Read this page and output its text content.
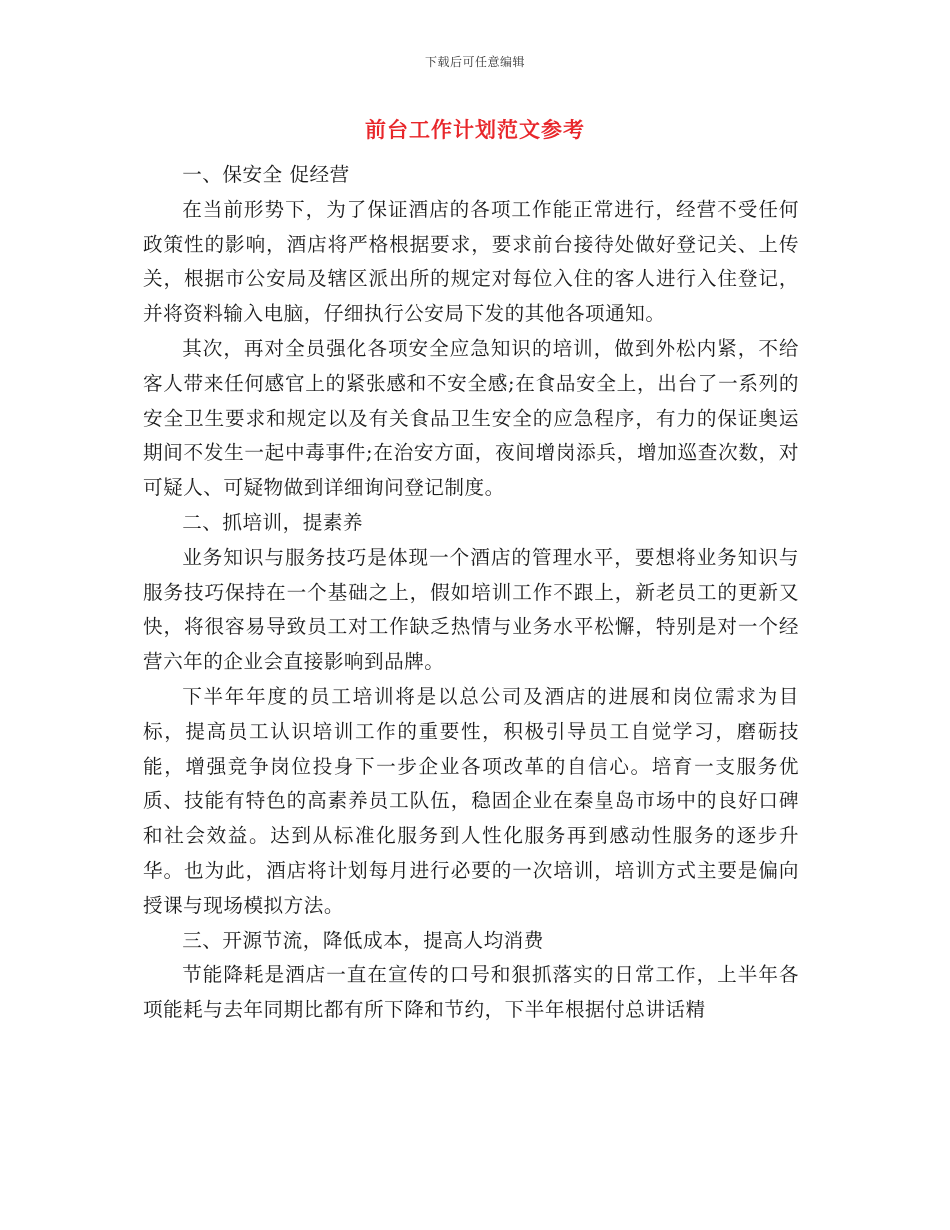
下载后可任意编辑
前台工作计划范文参考

一、保安全 促经营

在当前形势下，为了保证酒店的各项工作能正常进行，经营不受任何政策性的影响，酒店将严格根据要求，要求前台接待处做好登记关、上传关，根据市公安局及辖区派出所的规定对每位入住的客人进行入住登记，并将资料输入电脑，仔细执行公安局下发的其他各项通知。

其次，再对全员强化各项安全应急知识的培训，做到外松内紧，不给客人带来任何感官上的紧张感和不安全感;在食品安全上，出台了一系列的安全卫生要求和规定以及有关食品卫生安全的应急程序，有力的保证奥运期间不发生一起中毒事件;在治安方面，夜间增岗添兵，增加巡查次数，对可疑人、可疑物做到详细询问登记制度。

二、抓培训，提素养

业务知识与服务技巧是体现一个酒店的管理水平，要想将业务知识与服务技巧保持在一个基础之上，假如培训工作不跟上，新老员工的更新又快，将很容易导致员工对工作缺乏热情与业务水平松懈，特别是对一个经营六年的企业会直接影响到品牌。

下半年年度的员工培训将是以总公司及酒店的进展和岗位需求为目标，提高员工认识培训工作的重要性，积极引导员工自觉学习，磨砺技能，增强竞争岗位投身下一步企业各项改革的自信心。培育一支服务优质、技能有特色的高素养员工队伍，稳固企业在秦皇岛市场中的良好口碑和社会效益。达到从标准化服务到人性化服务再到感动性服务的逐步升华。也为此，酒店将计划每月进行必要的一次培训，培训方式主要是偏向授课与现场模拟方法。

三、开源节流，降低成本，提高人均消费

节能降耗是酒店一直在宣传的口号和狠抓落实的日常工作，上半年各项能耗与去年同期比都有所下降和节约，下半年根据付总讲话精
